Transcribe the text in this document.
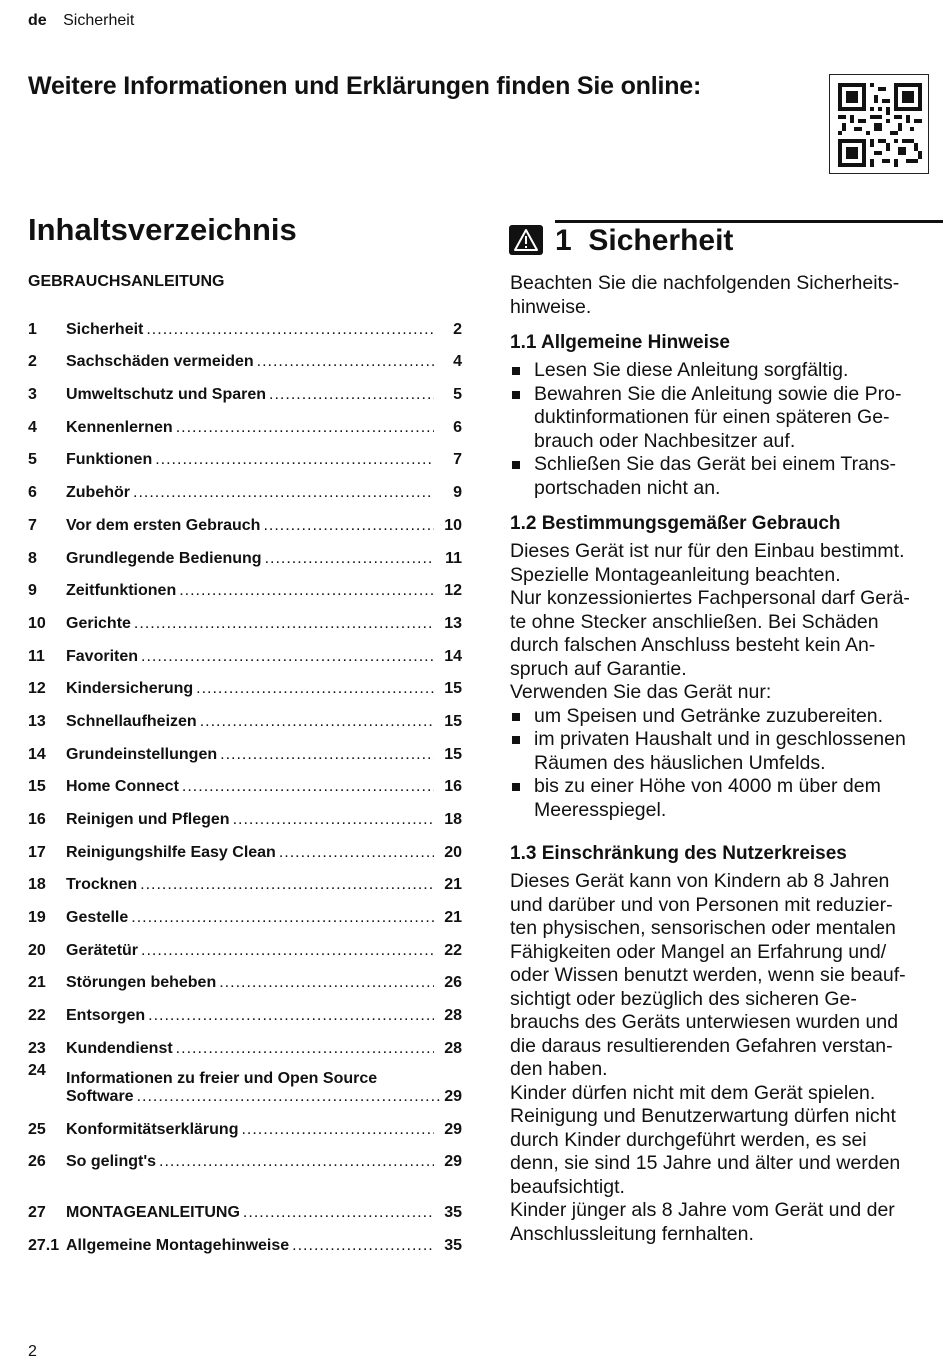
de Sicherheit
Weitere Informationen und Erklärungen finden Sie online:
Inhaltsverzeichnis
GEBRAUCHSANLEITUNG
1	Sicherheit .....	2
2	Sachschäden vermeiden .....	4
3	Umweltschutz und Sparen .....	5
4	Kennenlernen .....	6
5	Funktionen .....	7
6	Zubehör .....	9
7	Vor dem ersten Gebrauch .....	10
8	Grundlegende Bedienung .....	11
9	Zeitfunktionen .....	12
10	Gerichte .....	13
11	Favoriten .....	14
12	Kindersicherung .....	15
13	Schnellaufheizen .....	15
14	Grundeinstellungen .....	15
15	Home Connect .....	16
16	Reinigen und Pflegen .....	18
17	Reinigungshilfe Easy Clean .....	20
18	Trocknen .....	21
19	Gestelle .....	21
20	Gerätetür .....	22
21	Störungen beheben .....	26
22	Entsorgen .....	28
23	Kundendienst .....	28
24	Informationen zu freier und Open Source
Software .....	29
25	Konformitätserklärung .....	29
26	So gelingt's .....	29
27	MONTAGEANLEITUNG .....	35
27.1 Allgemeine Montagehinweise .....	35
1 Sicherheit

Beachten Sie die nachfolgenden Sicherheits-
hinweise.

1.1 Allgemeine Hinweise
Lesen Sie diese Anleitung sorgfältig.
Bewahren Sie die Anleitung sowie die Pro-
duktinformationen für einen späteren Ge-
brauch oder Nachbesitzer auf.
Schließen Sie das Gerät bei einem Trans-
portschaden nicht an.
1.2 Bestimmungsgemäßer Gebrauch

Dieses Gerät ist nur für den Einbau bestimmt.
Spezielle Montageanleitung beachten.

Nur konzessioniertes Fachpersonal darf Gerä-
te ohne Stecker anschließen. Bei Schäden
durch falschen Anschluss besteht kein An-
spruch auf Garantie.

Verwenden Sie das Gerät nur:

um Speisen und Getränke zuzubereiten.
im privaten Haushalt und in geschlossenen
Räumen des häuslichen Umfelds.
bis zu einer Höhe von 4000 m über dem
Meeresspiegel.
1.3 Einschränkung des Nutzerkreises

Dieses Gerät kann von Kindern ab 8 Jahren
und darüber und von Personen mit reduzier-
ten physischen, sensorischen oder mentalen
Fähigkeiten oder Mangel an Erfahrung und/
oder Wissen benutzt werden, wenn sie beauf-
sichtigt oder bezüglich des sicheren Ge-
brauchs des Geräts unterwiesen wurden und
die daraus resultierenden Gefahren verstan-
den haben.

Kinder dürfen nicht mit dem Gerät spielen.

Reinigung und Benutzerwartung dürfen nicht
durch Kinder durchgeführt werden, es sei
denn, sie sind 15 Jahre und älter und werden
beaufsichtigt.

Kinder jünger als 8 Jahre vom Gerät und der
Anschlussleitung fernhalten.

2
